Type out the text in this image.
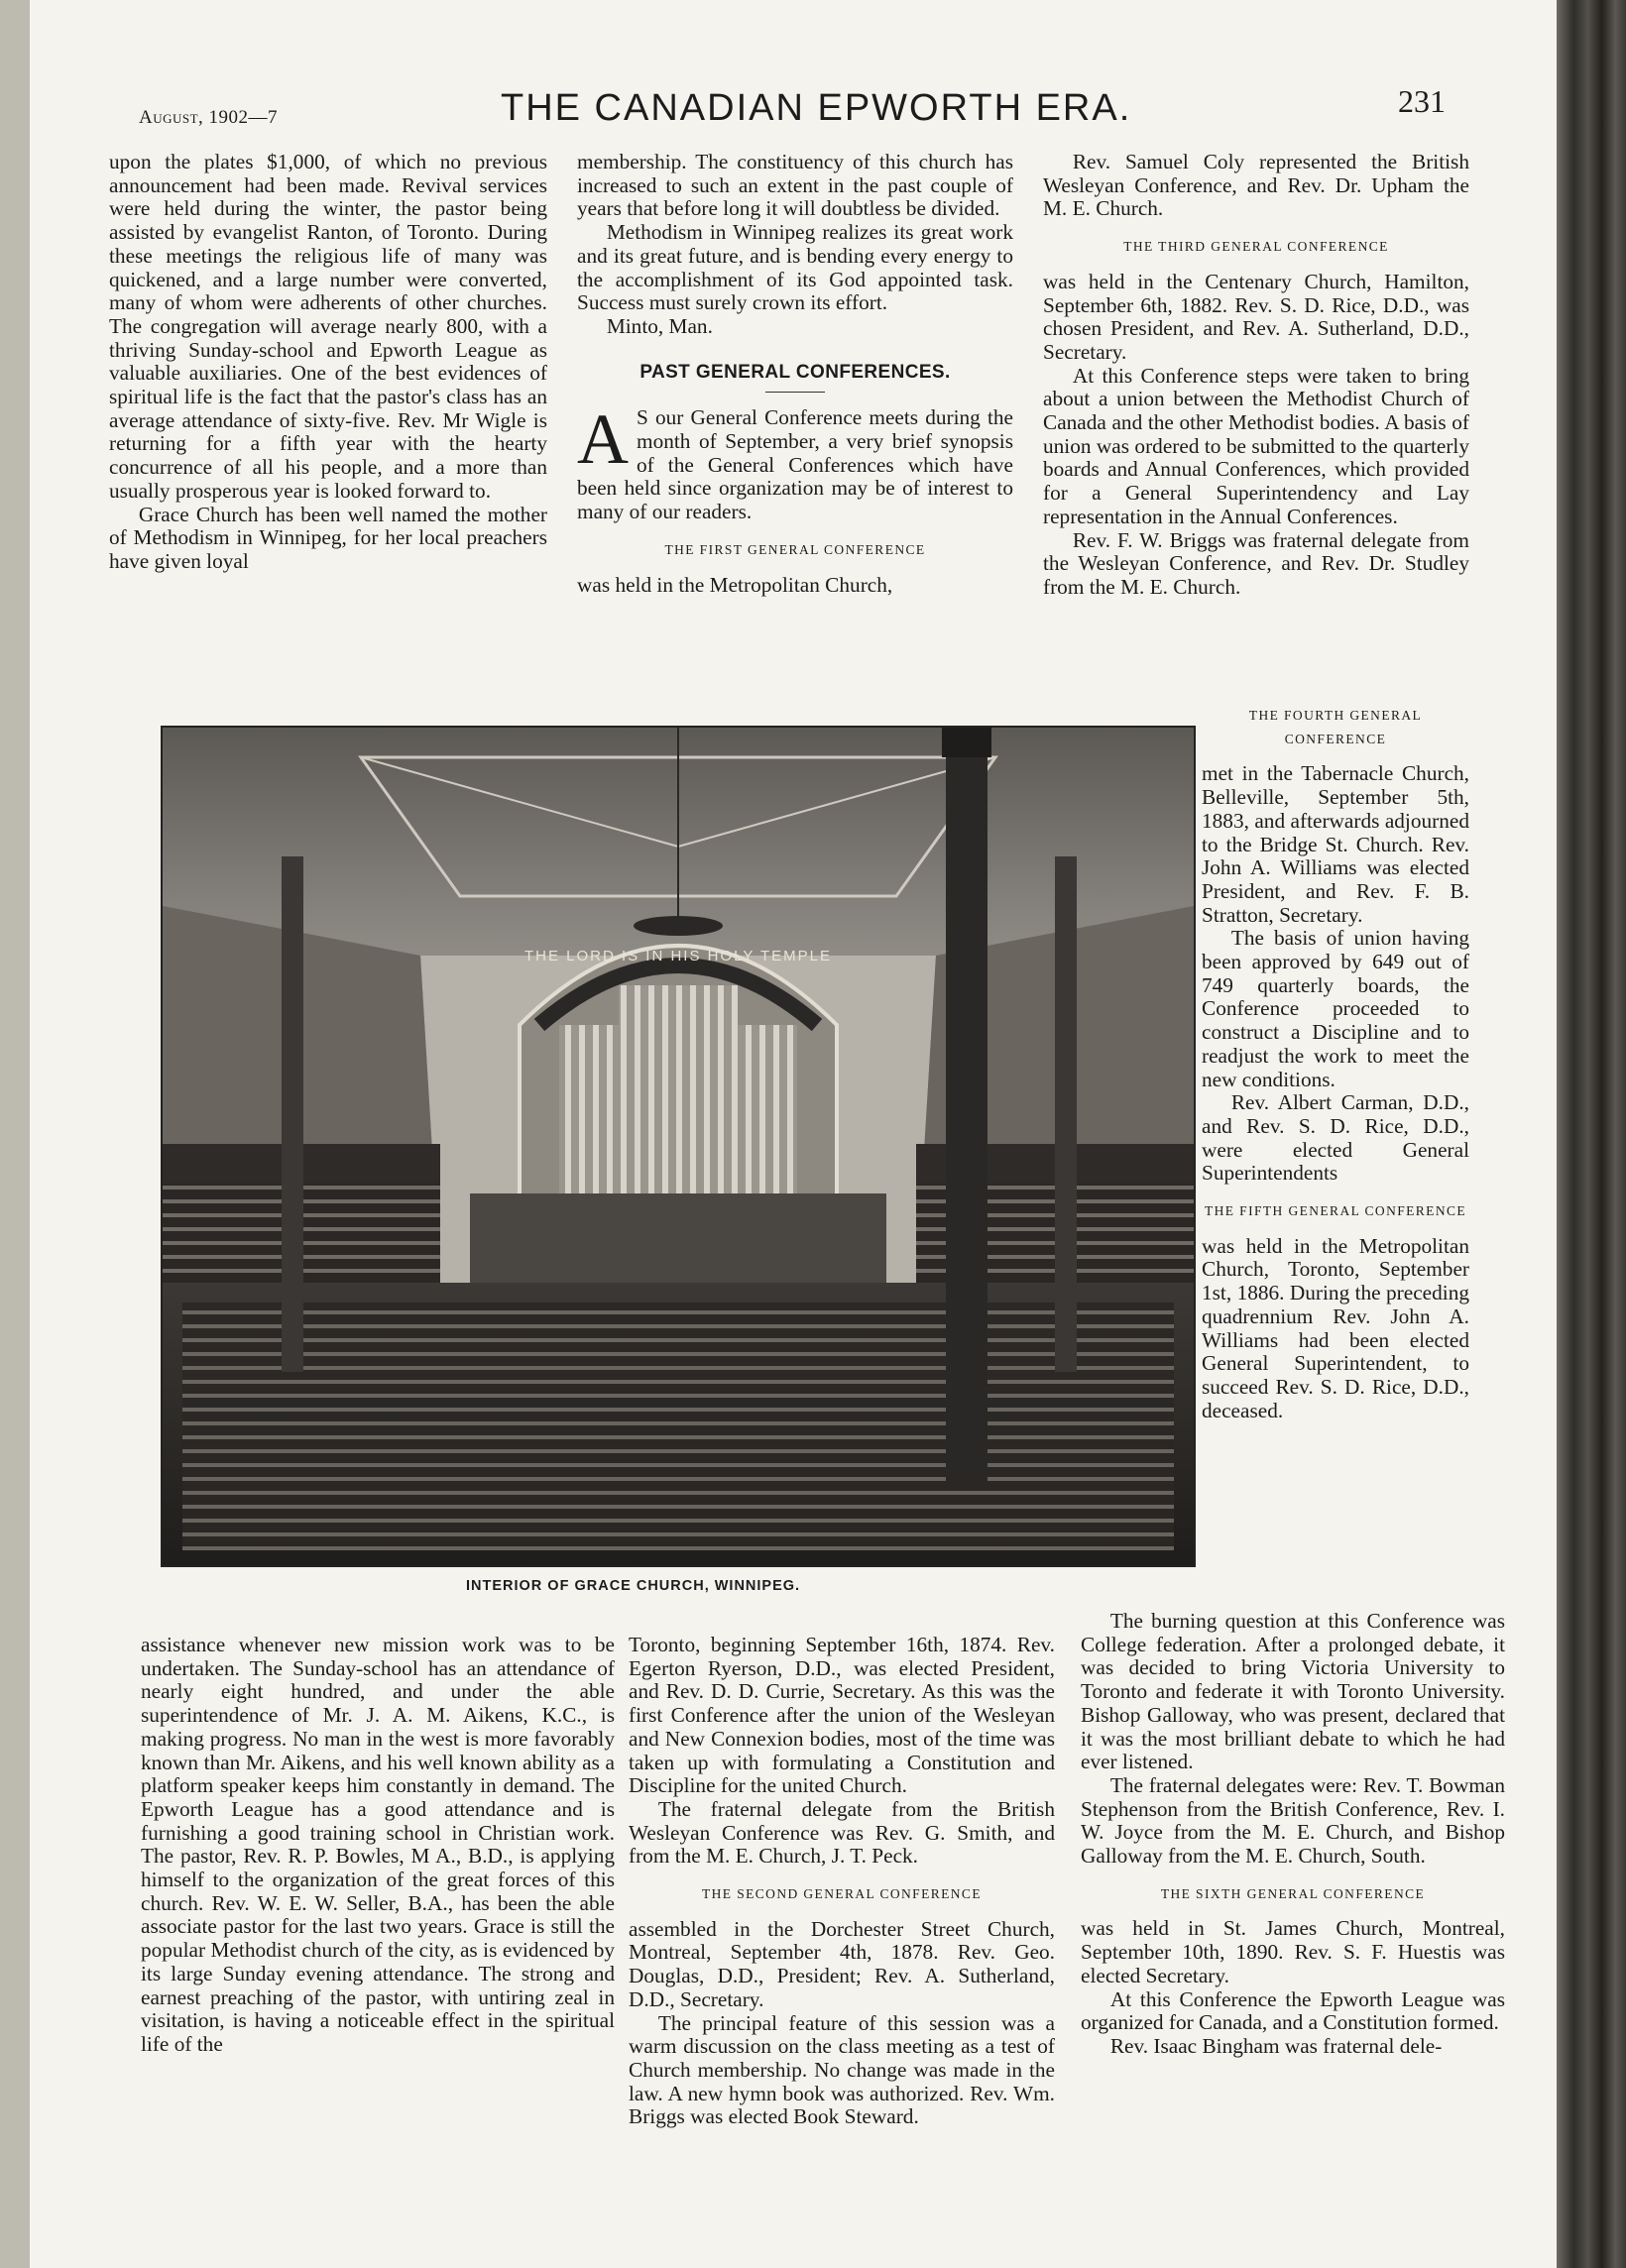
August, 1902—7	THE CANADIAN EPWORTH ERA.	231

upon the plates $1,000, of which no previous announcement had been made. Revival services were held during the winter, the pastor being assisted by evangelist Ranton, of Toronto. During these meetings the religious life of many was quickened, and a large number were converted, many of whom were adherents of other churches. The congregation will average nearly 800, with a thriving Sunday-school and Epworth League as valuable auxiliaries. One of the best evidences of spiritual life is the fact that the pastor's class has an average attendance of sixty-five. Rev. Mr Wigle is returning for a fifth year with the hearty concurrence of all his people, and a more than usually prosperous year is looked forward to.

Grace Church has been well named the mother of Methodism in Winnipeg, for her local preachers have given loyal

membership. The constituency of this church has increased to such an extent in the past couple of years that before long it will doubtless be divided.

Methodism in Winnipeg realizes its great work and its great future, and is bending every energy to the accomplishment of its God appointed task. Success must surely crown its effort.

Minto, Man.

PAST GENERAL CONFERENCES.

A S our General Conference meets during the month of September, a very brief synopsis of the General Conferences which have been held since organization may be of interest to many of our readers.

THE FIRST GENERAL CONFERENCE

was held in the Metropolitan Church,

Rev. Samuel Coly represented the British Wesleyan Conference, and Rev. Dr. Upham the M. E. Church.

THE THIRD GENERAL CONFERENCE

was held in the Centenary Church, Hamilton, September 6th, 1882. Rev. S. D. Rice, D.D., was chosen President, and Rev. A. Sutherland, D.D., Secretary.

At this Conference steps were taken to bring about a union between the Methodist Church of Canada and the other Methodist bodies. A basis of union was ordered to be submitted to the quarterly boards and Annual Conferences, which provided for a General Superintendency and Lay representation in the Annual Conferences.

Rev. F. W. Briggs was fraternal delegate from the Wesleyan Conference, and Rev. Dr. Studley from the M. E. Church.

THE FOURTH GENERAL CONFERENCE

met in the Tabernacle Church, Belleville, September 5th, 1883, and afterwards adjourned to the Bridge St. Church. Rev. John A. Williams was elected President, and Rev. F. B. Stratton, Secretary.

The basis of union having been approved by 649 out of 749 quarterly boards, the Conference proceeded to construct a Discipline and to readjust the work to meet the new conditions.

Rev. Albert Carman, D.D., and Rev. S. D. Rice, D.D., were elected General Superintendents

THE FIFTH GENERAL CONFERENCE

was held in the Metropolitan Church, Toronto, September 1st, 1886. During the preceding quadrennium Rev. John A. Williams had been elected General Superintendent, to succeed Rev. S. D. Rice, D.D., deceased.

THE LORD IS IN HIS HOLY TEMPLE
INTERIOR OF GRACE CHURCH, WINNIPEG.

assistance whenever new mission work was to be undertaken. The Sunday-school has an attendance of nearly eight hundred, and under the able superintendence of Mr. J. A. M. Aikens, K.C., is making progress. No man in the west is more favorably known than Mr. Aikens, and his well known ability as a platform speaker keeps him constantly in demand. The Epworth League has a good attendance and is furnishing a good training school in Christian work. The pastor, Rev. R. P. Bowles, M A., B.D., is applying himself to the organization of the great forces of this church. Rev. W. E. W. Seller, B.A., has been the able associate pastor for the last two years. Grace is still the popular Methodist church of the city, as is evidenced by its large Sunday evening attendance. The strong and earnest preaching of the pastor, with untiring zeal in visitation, is having a noticeable effect in the spiritual life of the

Toronto, beginning September 16th, 1874. Rev. Egerton Ryerson, D.D., was elected President, and Rev. D. D. Currie, Secretary. As this was the first Conference after the union of the Wesleyan and New Connexion bodies, most of the time was taken up with formulating a Constitution and Discipline for the united Church.

The fraternal delegate from the British Wesleyan Conference was Rev. G. Smith, and from the M. E. Church, J. T. Peck.

THE SECOND GENERAL CONFERENCE

assembled in the Dorchester Street Church, Montreal, September 4th, 1878. Rev. Geo. Douglas, D.D., President; Rev. A. Sutherland, D.D., Secretary.

The principal feature of this session was a warm discussion on the class meeting as a test of Church membership. No change was made in the law. A new hymn book was authorized. Rev. Wm. Briggs was elected Book Steward.

The burning question at this Conference was College federation. After a prolonged debate, it was decided to bring Victoria University to Toronto and federate it with Toronto University. Bishop Galloway, who was present, declared that it was the most brilliant debate to which he had ever listened.

The fraternal delegates were: Rev. T. Bowman Stephenson from the British Conference, Rev. I. W. Joyce from the M. E. Church, and Bishop Galloway from the M. E. Church, South.

THE SIXTH GENERAL CONFERENCE

was held in St. James Church, Montreal, September 10th, 1890. Rev. S. F. Huestis was elected Secretary.

At this Conference the Epworth League was organized for Canada, and a Constitution formed.

Rev. Isaac Bingham was fraternal dele-
